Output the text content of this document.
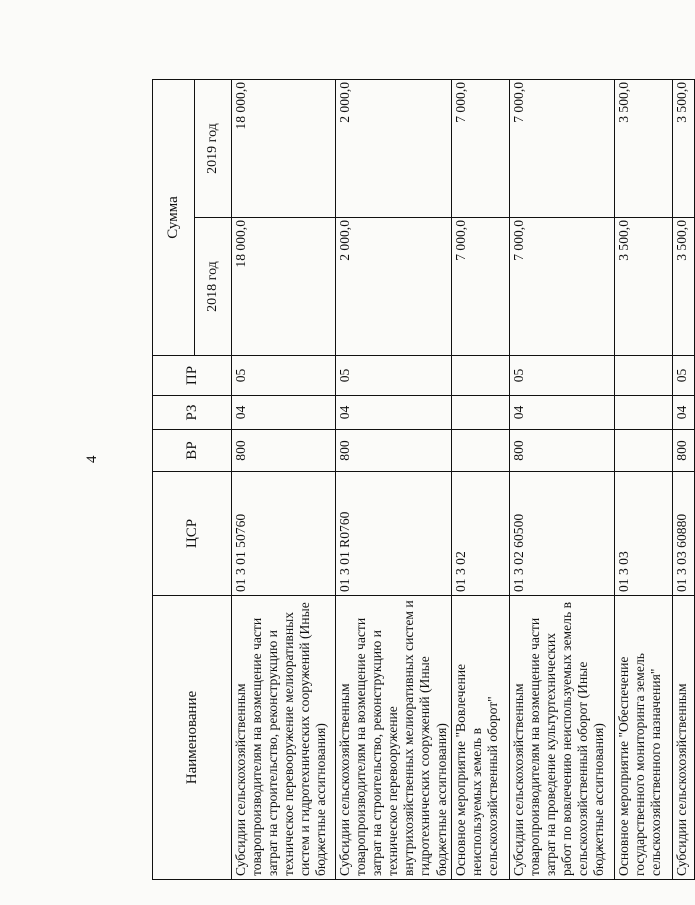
4
Наименование	ЦСР	ВР	РЗ	ПР	Сумма	
					2018 год	2019 год
Субсидии сельскохозяйственным товаропроизводителям на возмещение части затрат на строительство, реконструкцию и техническое перевооружение мелиоративных систем и гидротехнических сооружений (Иные бюджетные ассигнования)	01 3 01 50760	800	04	05	18 000,0	18 000,0
Субсидии сельскохозяйственным товаропроизводителям на возмещение части затрат на строительство, реконструкцию и техническое перевооружение внутрихозяйственных мелиоративных систем и гидротехнических сооружений (Иные бюджетные ассигнования)	01 3 01 R0760	800	04	05	2 000,0	2 000,0
Основное мероприятие "Вовлечение неиспользуемых земель в сельскохозяйственный оборот"	01 3 02				7 000,0	7 000,0
Субсидии сельскохозяйственным товаропроизводителям на возмещение части затрат на проведение культуртехнических работ по вовлечению неиспользуемых земель в сельскохозяйственный оборот (Иные бюджетные ассигнования)	01 3 02 60500	800	04	05	7 000,0	7 000,0
Основное мероприятие "Обеспечение государственного мониторинга земель сельскохозяйственного назначения"	01 3 03				3 500,0	3 500,0
Субсидии сельскохозяйственным	01 3 03 60880	800	04	05	3 500,0	3 500,0
